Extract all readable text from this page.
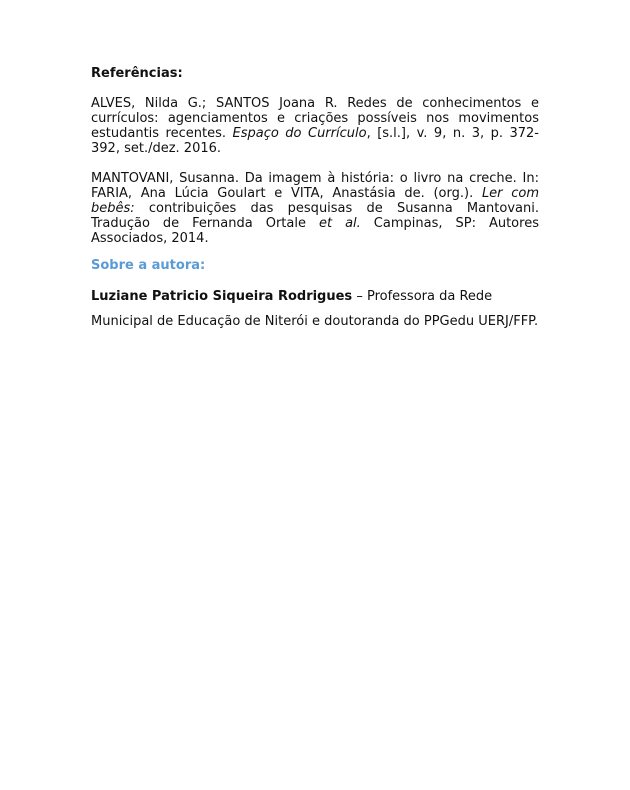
Referências:
ALVES, Nilda G.; SANTOS Joana R. Redes de conhecimentos e currículos: agenciamentos e criações possíveis nos movimentos estudantis recentes. Espaço do Currículo, [s.l.], v. 9, n. 3, p. 372-392, set./dez. 2016.
MANTOVANI, Susanna. Da imagem à história: o livro na creche. In: FARIA, Ana Lúcia Goulart e VITA, Anastásia de. (org.). Ler com bebês: contribuições das pesquisas de Susanna Mantovani. Tradução de Fernanda Ortale et al. Campinas, SP: Autores Associados, 2014.
Sobre a autora:
Luziane Patricio Siqueira Rodrigues – Professora da Rede
Municipal de Educação de Niterói e doutoranda do PPGedu UERJ/FFP.
